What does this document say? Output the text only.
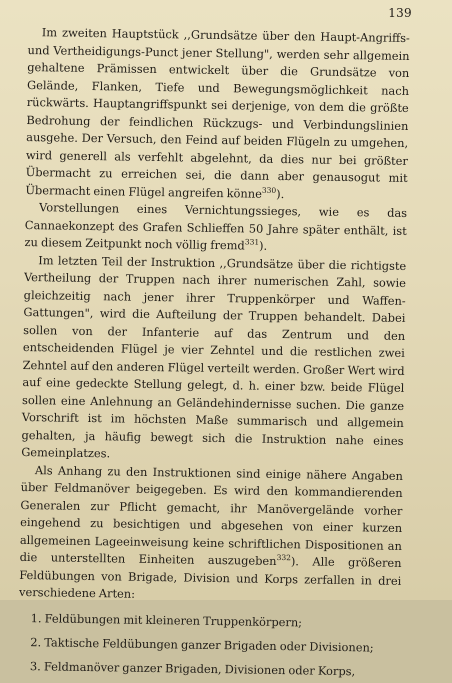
139

Im zweiten Hauptstück ,,Grundsätze über den Haupt-Angriffs- und Vertheidigungs-Punct jener Stellung", werden sehr allgemein gehaltene Prämissen entwickelt über die Grundsätze von Gelände, Flanken, Tiefe und Bewegungsmöglichkeit nach rückwärts. Hauptangriffspunkt sei derjenige, von dem die größte Bedrohung der feindlichen Rückzugs- und Verbindungslinien ausgehe. Der Versuch, den Feind auf beiden Flügeln zu umgehen, wird generell als verfehlt abgelehnt, da dies nur bei größter Übermacht zu erreichen sei, die dann aber genausogut mit Übermacht einen Flügel angreifen könne$^{330}$).

Vorstellungen eines Vernichtungssieges, wie es das Cannaekonzept des Grafen Schlieffen 50 Jahre später enthält, ist zu diesem Zeitpunkt noch völlig fremd$^{331}$).

Im letzten Teil der Instruktion ,,Grundsätze über die richtigste Vertheilung der Truppen nach ihrer numerischen Zahl, sowie gleichzeitig nach jener ihrer Truppenkörper und Waffen-Gattungen", wird die Aufteilung der Truppen behandelt. Dabei sollen von der Infanterie auf das Zentrum und den entscheidenden Flügel je vier Zehntel und die restlichen zwei Zehntel auf den anderen Flügel verteilt werden. Großer Wert wird auf eine gedeckte Stellung gelegt, d. h. einer bzw. beide Flügel sollen eine Anlehnung an Geländehindernisse suchen. Die ganze Vorschrift ist im höchsten Maße summarisch und allgemein gehalten, ja häufig bewegt sich die Instruktion nahe eines Gemeinplatzes.

Als Anhang zu den Instruktionen sind einige nähere Angaben über Feldmanöver beigegeben. Es wird den kommandierenden Generalen zur Pflicht gemacht, ihr Manövergelände vorher eingehend zu besichtigen und abgesehen von einer kurzen allgemeinen Lageeinweisung keine schriftlichen Dispositionen an die unterstellten Einheiten auszugeben$^{332}$). Alle größeren Feldübungen von Brigade, Division und Korps zerfallen in drei verschiedene Arten:

1. Feldübungen mit kleineren Truppenkörpern;

2. Taktische Feldübungen ganzer Brigaden oder Divisionen;

3. Feldmanöver ganzer Brigaden, Divisionen oder Korps,
